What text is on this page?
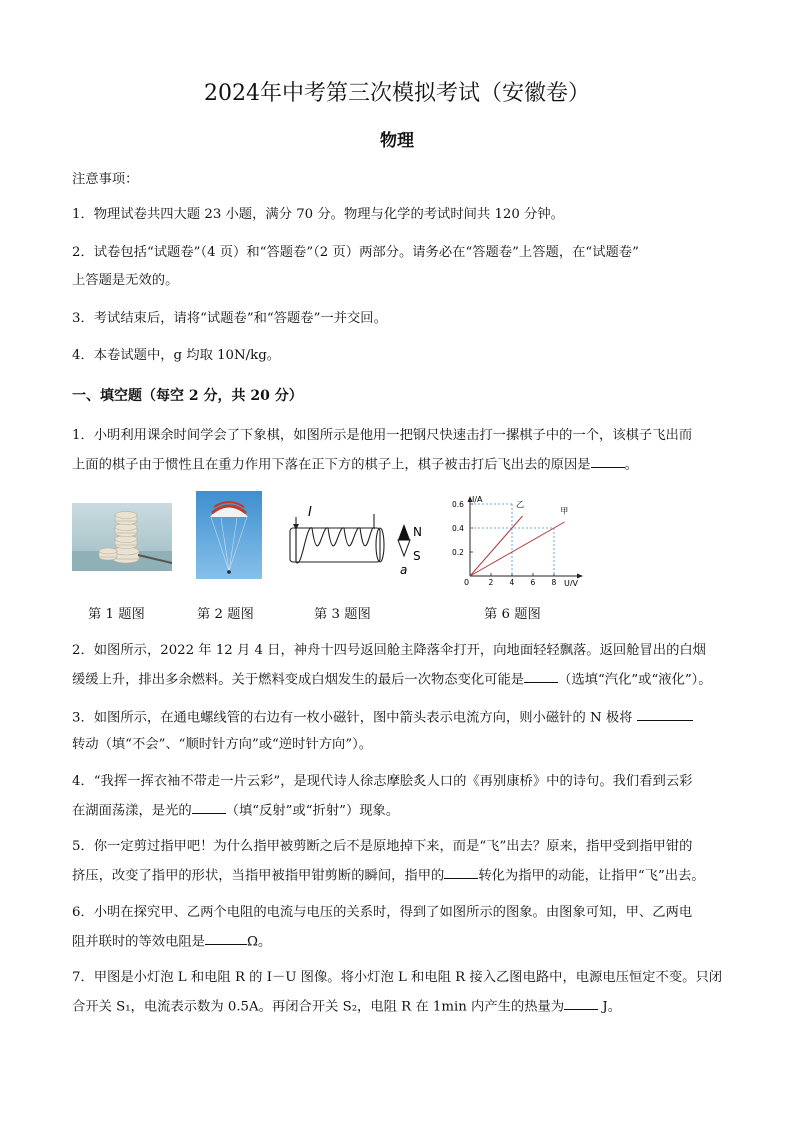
2024年中考第三次模拟考试（安徽卷）
物理
注意事项：
1．物理试卷共四大题 23 小题，满分 70 分。物理与化学的考试时间共 120 分钟。
2．试卷包括“试题卷”（4 页）和“答题卷”（2 页）两部分。请务必在“答题卷”上答题，在“试题卷”
上答题是无效的。
3．考试结束后，请将“试题卷”和“答题卷”一并交回。
4．本卷试题中，g 均取 10N/kg。
一、填空题（每空 2 分，共 20 分）
1．小明利用课余时间学会了下象棋，如图所示是他用一把钢尺快速击打一摞棋子中的一个，该棋子飞出而
上面的棋子由于惯性且在重力作用下落在正下方的棋子上，棋子被击打后飞出去的原因是	。
I
N
S
a
0.2
0.4
0.6
2 4 6 8
乙
甲
I/A
U/V
0
第 1 题图	第 2 题图	第 3 题图	第 6 题图
2．如图所示，2022 年 12 月 4 日，神舟十四号返回舱主降落伞打开，向地面轻轻飘落。返回舱冒出的白烟
缓缓上升，排出多余燃料。关于燃料变成白烟发生的最后一次物态变化可能是	（选填“汽化”或“液化”）。
3．如图所示，在通电螺线管的右边有一枚小磁针，图中箭头表示电流方向，则小磁针的 N 极将
转动（填“不会”、“顺时针方向”或“逆时针方向”）。
4．“我挥一挥衣袖不带走一片云彩”，是现代诗人徐志摩脍炙人口的《再别康桥》中的诗句。我们看到云彩
在湖面荡漾，是光的	（填“反射”或“折射”）现象。
5．你一定剪过指甲吧！为什么指甲被剪断之后不是原地掉下来，而是“飞”出去？原来，指甲受到指甲钳的
挤压，改变了指甲的形状，当指甲被指甲钳剪断的瞬间，指甲的	转化为指甲的动能，让指甲“飞”出去。
6．小明在探究甲、乙两个电阻的电流与电压的关系时，得到了如图所示的图象。由图象可知，甲、乙两电
阻并联时的等效电阻是	Ω。
7．甲图是小灯泡 L 和电阻 R 的 I－U 图像。将小灯泡 L 和电阻 R 接入乙图电路中，电源电压恒定不变。只闭
合开关 S₁，电流表示数为 0.5A。再闭合开关 S₂，电阻 R 在 1min 内产生的热量为	J。
